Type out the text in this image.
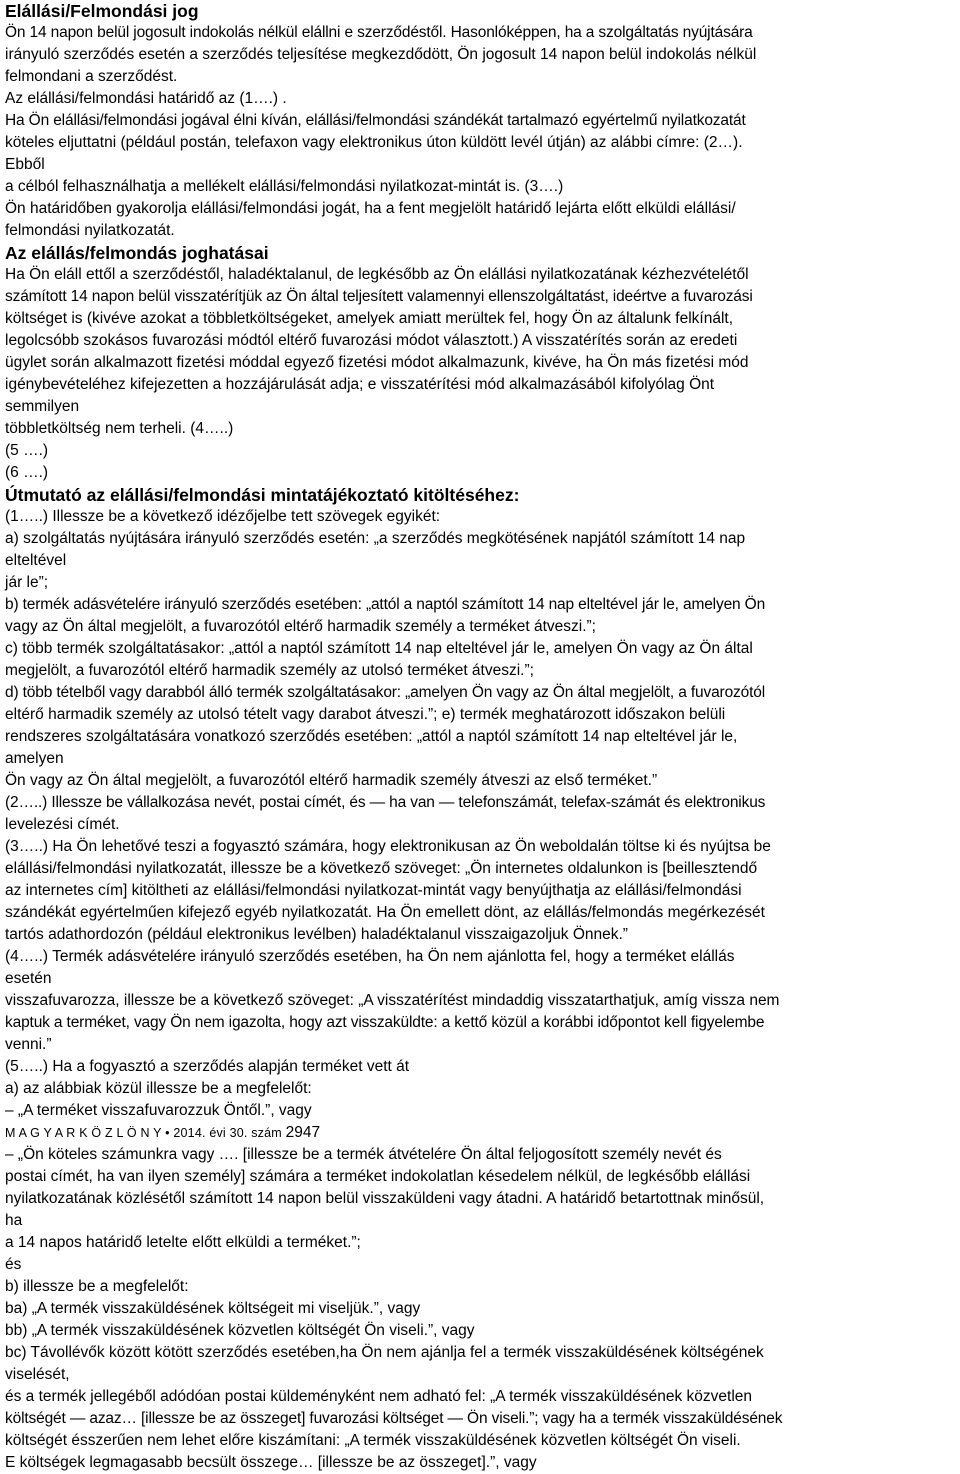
Elállási/Felmondási jog
Ön 14 napon belül jogosult indokolás nélkül elállni e szerződéstől. Hasonlóképpen, ha a szolgáltatás nyújtására
irányuló szerződés esetén a szerződés teljesítése megkezdődött, Ön jogosult 14 napon belül indokolás nélkül
felmondani a szerződést.
Az elállási/felmondási határidő az (1….) .
Ha Ön elállási/felmondási jogával élni kíván, elállási/felmondási szándékát tartalmazó egyértelmű nyilatkozatát
köteles eljuttatni (például postán, telefaxon vagy elektronikus úton küldött levél útján) az alábbi címre: (2…).
Ebből
a célból felhasználhatja a mellékelt elállási/felmondási nyilatkozat-mintát is. (3….)
Ön határidőben gyakorolja elállási/felmondási jogát, ha a fent megjelölt határidő lejárta előtt elküldi elállási/
felmondási nyilatkozatát.
Az elállás/felmondás joghatásai
Ha Ön eláll ettől a szerződéstől, haladéktalanul, de legkésőbb az Ön elállási nyilatkozatának kézhezvételétől
számított 14 napon belül visszatérítjük az Ön által teljesített valamennyi ellenszolgáltatást, ideértve a fuvarozási
költséget is (kivéve azokat a többletköltségeket, amelyek amiatt merültek fel, hogy Ön az általunk felkínált,
legolcsóbb szokásos fuvarozási módtól eltérő fuvarozási módot választott.) A visszatérítés során az eredeti
ügylet során alkalmazott fizetési móddal egyező fizetési módot alkalmazunk, kivéve, ha Ön más fizetési mód
igénybevételéhez kifejezetten a hozzájárulását adja; e visszatérítési mód alkalmazásából kifolyólag Önt
semmilyen
többletköltség nem terheli. (4…..)
(5 ….)
(6 ….)
Útmutató az elállási/felmondási mintatájékoztató kitöltéséhez:
(1…..) Illessze be a következő idézőjelbe tett szövegek egyikét:
a) szolgáltatás nyújtására irányuló szerződés esetén: „a szerződés megkötésének napjától számított 14 nap
elteltével
jár le”;
b) termék adásvételére irányuló szerződés esetében: „attól a naptól számított 14 nap elteltével jár le, amelyen Ön
vagy az Ön által megjelölt, a fuvarozótól eltérő harmadik személy a terméket átveszi.”;
c) több termék szolgáltatásakor: „attól a naptól számított 14 nap elteltével jár le, amelyen Ön vagy az Ön által
megjelölt, a fuvarozótól eltérő harmadik személy az utolsó terméket átveszi.”;
d) több tételből vagy darabból álló termék szolgáltatásakor: „amelyen Ön vagy az Ön által megjelölt, a fuvarozótól
eltérő harmadik személy az utolsó tételt vagy darabot átveszi.”; e) termék meghatározott időszakon belüli
rendszeres szolgáltatására vonatkozó szerződés esetében: „attól a naptól számított 14 nap elteltével jár le,
amelyen
Ön vagy az Ön által megjelölt, a fuvarozótól eltérő harmadik személy átveszi az első terméket.”
(2…..) Illessze be vállalkozása nevét, postai címét, és — ha van — telefonszámát, telefax-számát és elektronikus
levelezési címét.
(3…..) Ha Ön lehetővé teszi a fogyasztó számára, hogy elektronikusan az Ön weboldalán töltse ki és nyújtsa be
elállási/felmondási nyilatkozatát, illessze be a következő szöveget: „Ön internetes oldalunkon is [beillesztendő
az internetes cím] kitöltheti az elállási/felmondási nyilatkozat-mintát vagy benyújthatja az elállási/felmondási
szándékát egyértelműen kifejező egyéb nyilatkozatát. Ha Ön emellett dönt, az elállás/felmondás megérkezését
tartós adathordozón (például elektronikus levélben) haladéktalanul visszaigazoljuk Önnek.”
(4…..) Termék adásvételére irányuló szerződés esetében, ha Ön nem ajánlotta fel, hogy a terméket elállás
esetén
visszafuvarozza, illessze be a következő szöveget: „A visszatérítést mindaddig visszatarthatjuk, amíg vissza nem
kaptuk a terméket, vagy Ön nem igazolta, hogy azt visszaküldte: a kettő közül a korábbi időpontot kell figyelembe
venni.”
(5…..) Ha a fogyasztó a szerződés alapján terméket vett át
a) az alábbiak közül illessze be a megfelelőt:
– „A terméket visszafuvarozzuk Öntől.”, vagy
M A G Y A R K Ö Z L Ö N Y • 2014. évi 30. szám 2947
– „Ön köteles számunkra vagy …. [illessze be a termék átvételére Ön által feljogosított személy nevét és
postai címét, ha van ilyen személy] számára a terméket indokolatlan késedelem nélkül, de legkésőbb elállási
nyilatkozatának közlésétől számított 14 napon belül visszaküldeni vagy átadni. A határidő betartottnak minősül,
ha
a 14 napos határidő letelte előtt elküldi a terméket.”;
és
b) illessze be a megfelelőt:
ba) „A termék visszaküldésének költségeit mi viseljük.”, vagy
bb) „A termék visszaküldésének közvetlen költségét Ön viseli.”, vagy
bc) Távollévők között kötött szerződés esetében,ha Ön nem ajánlja fel a termék visszaküldésének költségének
viselését,
és a termék jellegéből adódóan postai küldeményként nem adható fel: „A termék visszaküldésének közvetlen
költségét — azaz… [illessze be az összeget] fuvarozási költséget — Ön viseli.”; vagy ha a termék visszaküldésének
költségét ésszerűen nem lehet előre kiszámítani: „A termék visszaküldésének közvetlen költségét Ön viseli.
E költségek legmagasabb becsült összege… [illessze be az összeget].”, vagy
